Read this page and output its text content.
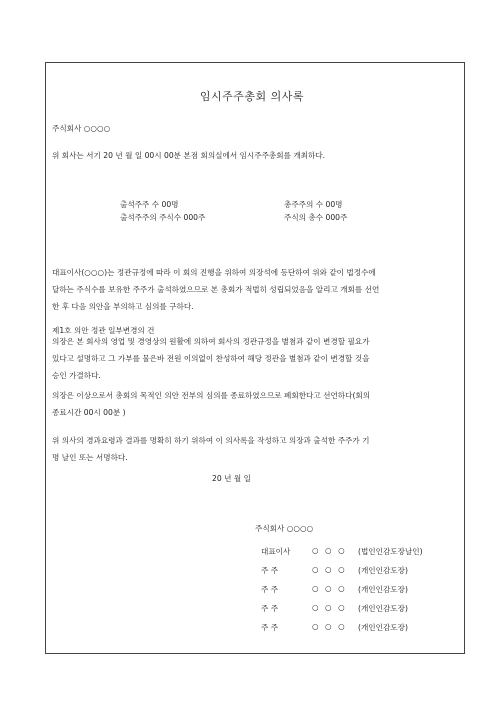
임시주주총회 의사록
주식회사 ○○○○
위 회사는 서기 20 년 월 일 00시 00분 본점 회의실에서 임시주주총회를 개최하다.
출석주주 수 00명	총주주의 수 00명
출석주주의 주식수 000주	주식의 총수 000주
대표이사(○○○)는 정관규정에 따라 이 회의 진행을 위하여 의장석에 등단하여 위와 같이 법정수에
달하는 주식수를 보유한 주주가 출석하였으므로 본 총회가 적법히 성립되었음을 알리고 개회를 선언
한 후 다음 의안을 부의하고 심의를 구하다.
제1호 의안 정관 일부변경의 건
의장은 본 회사의 영업 및 경영상의 원활에 의하여 회사의 정관규정을 별첨과 같이 변경할 필요가
있다고 설명하고 그 가부를 물은바 전원 이의없이 찬성하여 해당 정관을 별첨과 같이 변경할 것을
승인 가결하다.
의장은 이상으로서 총회의 목적인 의안 전부의 심의를 종료하였으므로 폐회한다고 선언하다(회의
종료시간 00시 00분 )
위 의사의 경과요령과 결과를 명확히 하기 위하여 이 의사록을 작성하고 의장과 출석한 주주가 기
명 날인 또는 서명하다.
20 년 월 일
주식회사 ○○○○
대표이사	○ ○ ○ (법인인감도장날인)
주 주	○ ○ ○ (개인인감도장)
주 주	○ ○ ○ (개인인감도장)
주 주	○ ○ ○ (개인인감도장)
주 주	○ ○ ○ (개인인감도장)
